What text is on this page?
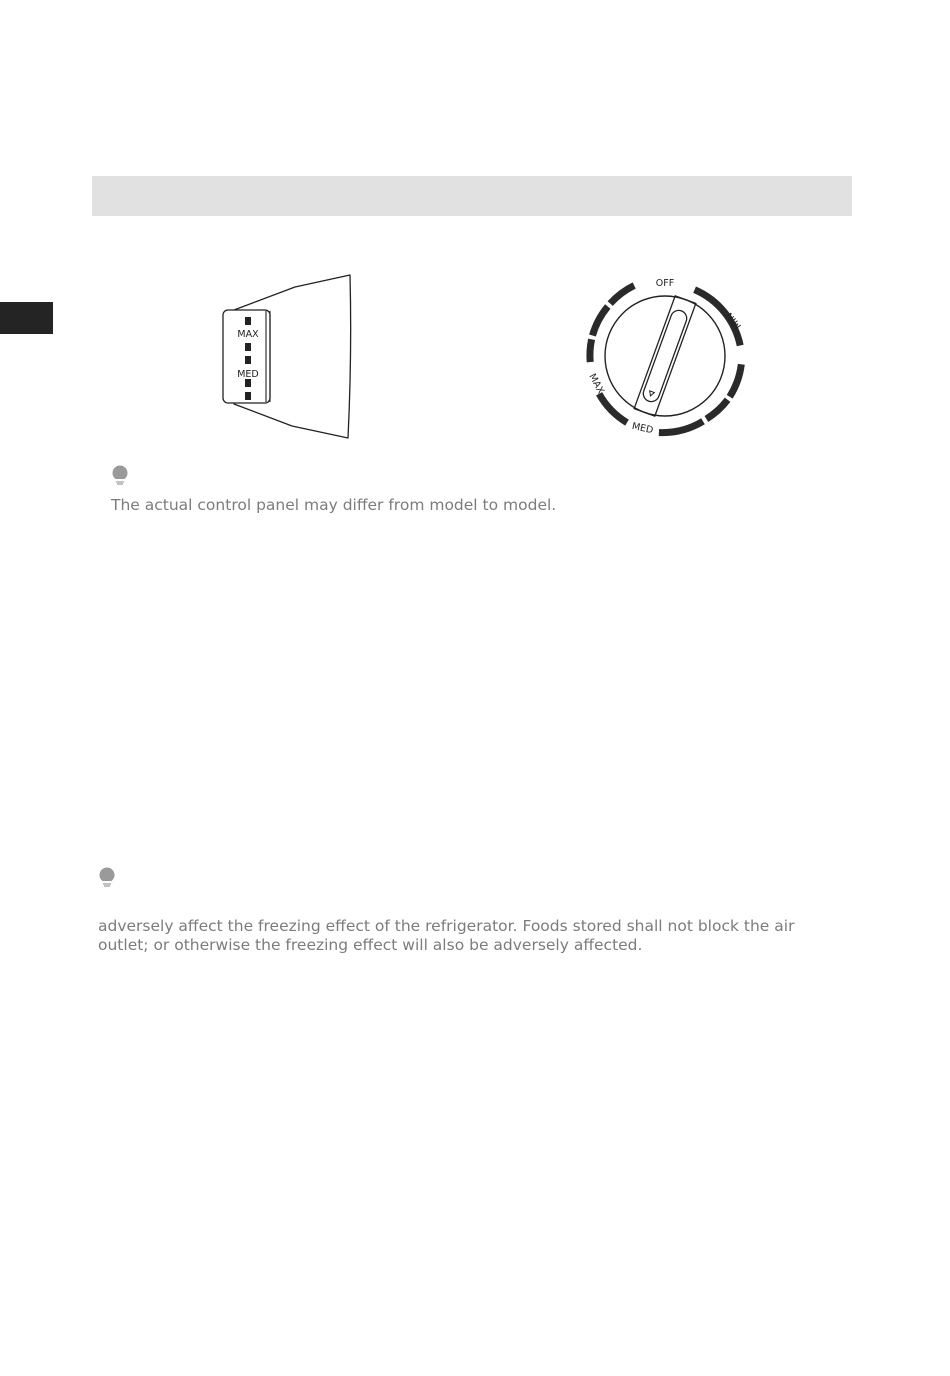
MAX
MED
OFF
MIN
MAX
MED

The actual control panel may differ from model to model.

adversely affect the freezing effect of the refrigerator. Foods stored shall not block the air
outlet; or otherwise the freezing effect will also be adversely affected.
